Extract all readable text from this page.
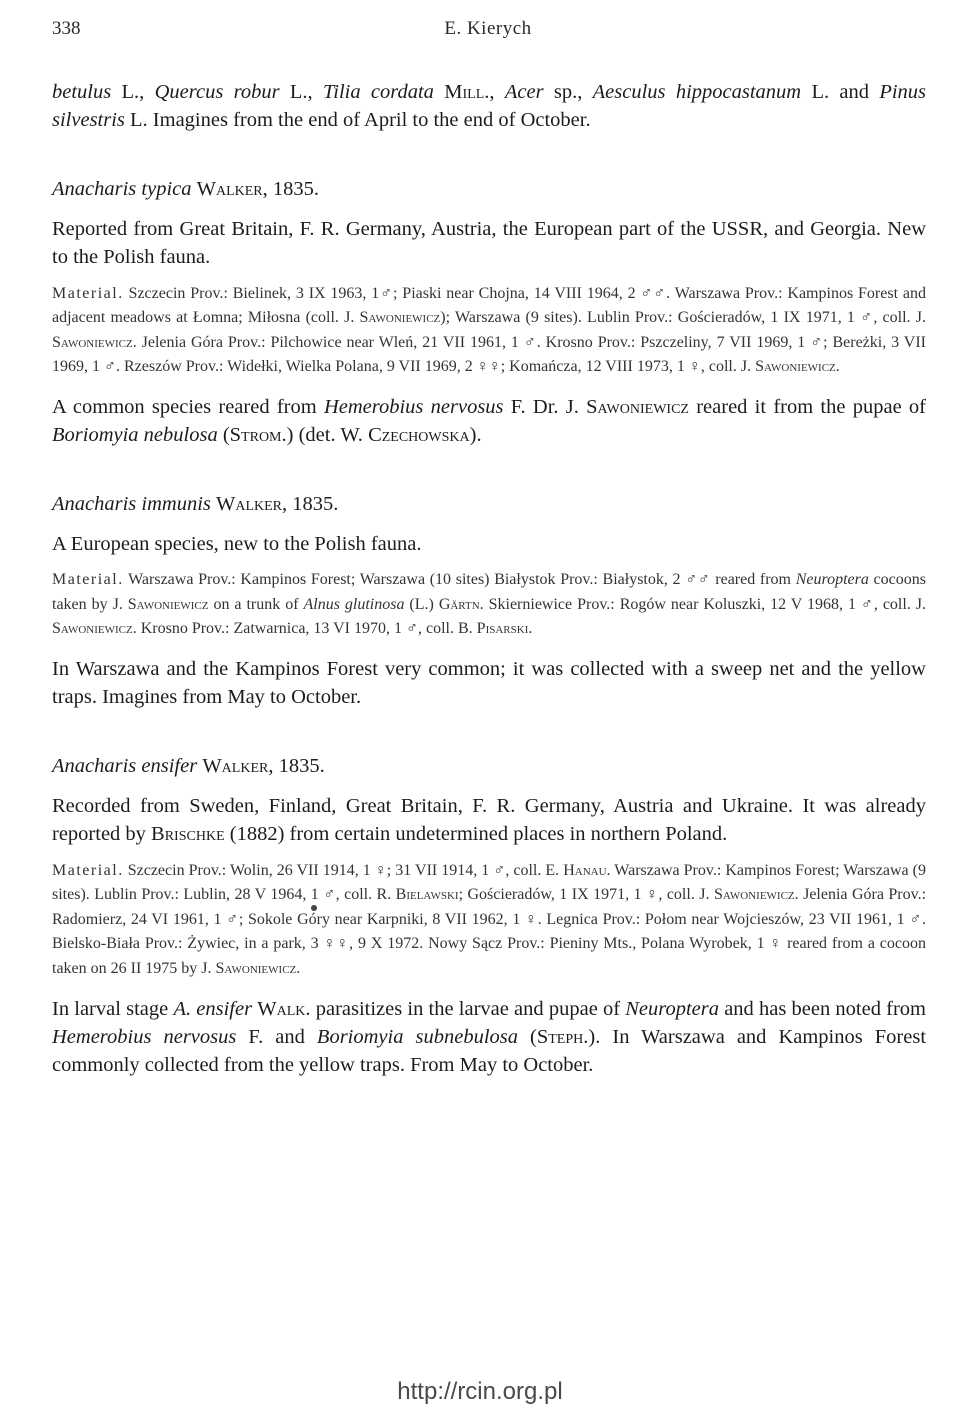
338	E. Kierych

betulus L., Quercus robur L., Tilia cordata Mill., Acer sp., Aesculus hippocastanum L. and Pinus silvestris L. Imagines from the end of April to the end of October.

Anacharis typica Walker, 1835.

Reported from Great Britain, F. R. Germany, Austria, the European part of the USSR, and Georgia. New to the Polish fauna.

Material. Szczecin Prov.: Bielinek, 3 IX 1963, 1♂; Piaski near Chojna, 14 VIII 1964, 2 ♂♂. Warszawa Prov.: Kampinos Forest and adjacent meadows at Łomna; Miłosna (coll. J. Sawoniewicz); Warszawa (9 sites). Lublin Prov.: Gościeradów, 1 IX 1971, 1 ♂, coll. J. Sawoniewicz. Jelenia Góra Prov.: Pilchowice near Wleń, 21 VII 1961, 1 ♂. Krosno Prov.: Pszczeliny, 7 VII 1969, 1 ♂; Bereżki, 3 VII 1969, 1 ♂. Rzeszów Prov.: Widełki, Wielka Polana, 9 VII 1969, 2 ♀♀; Komańcza, 12 VIII 1973, 1 ♀, coll. J. Sawoniewicz.

A common species reared from Hemerobius nervosus F. Dr. J. Sawoniewicz reared it from the pupae of Boriomyia nebulosa (Strom.) (det. W. Czechowska).

Anacharis immunis Walker, 1835.

A European species, new to the Polish fauna.

Material. Warszawa Prov.: Kampinos Forest; Warszawa (10 sites) Białystok Prov.: Białystok, 2 ♂♂ reared from Neuroptera cocoons taken by J. Sawoniewicz on a trunk of Alnus glutinosa (L.) Gärtn. Skierniewice Prov.: Rogów near Koluszki, 12 V 1968, 1 ♂, coll. J. Sawoniewicz. Krosno Prov.: Zatwarnica, 13 VI 1970, 1 ♂, coll. B. Pisarski.

In Warszawa and the Kampinos Forest very common; it was collected with a sweep net and the yellow traps. Imagines from May to October.

Anacharis ensifer Walker, 1835.

Recorded from Sweden, Finland, Great Britain, F. R. Germany, Austria and Ukraine. It was already reported by Brischke (1882) from certain undetermined places in northern Poland.

Material. Szczecin Prov.: Wolin, 26 VII 1914, 1 ♀; 31 VII 1914, 1 ♂, coll. E. Hanau. Warszawa Prov.: Kampinos Forest; Warszawa (9 sites). Lublin Prov.: Lublin, 28 V 1964, 1 ♂, coll. R. Bielawski; Gościeradów, 1 IX 1971, 1 ♀, coll. J. Sawoniewicz. Jelenia Góra Prov.: Radomierz, 24 VI 1961, 1 ♂; Sokole Góry near Karpniki, 8 VII 1962, 1 ♀. Legnica Prov.: Połom near Wojcieszów, 23 VII 1961, 1 ♂. Bielsko-Biała Prov.: Żywiec, in a park, 3 ♀♀, 9 X 1972. Nowy Sącz Prov.: Pieniny Mts., Polana Wyrobek, 1 ♀ reared from a cocoon taken on 26 II 1975 by J. Sawoniewicz.

In larval stage A. ensifer Walk. parasitizes in the larvae and pupae of Neuroptera and has been noted from Hemerobius nervosus F. and Boriomyia subnebulosa (Steph.). In Warszawa and Kampinos Forest commonly collected from the yellow traps. From May to October.

http://rcin.org.pl
